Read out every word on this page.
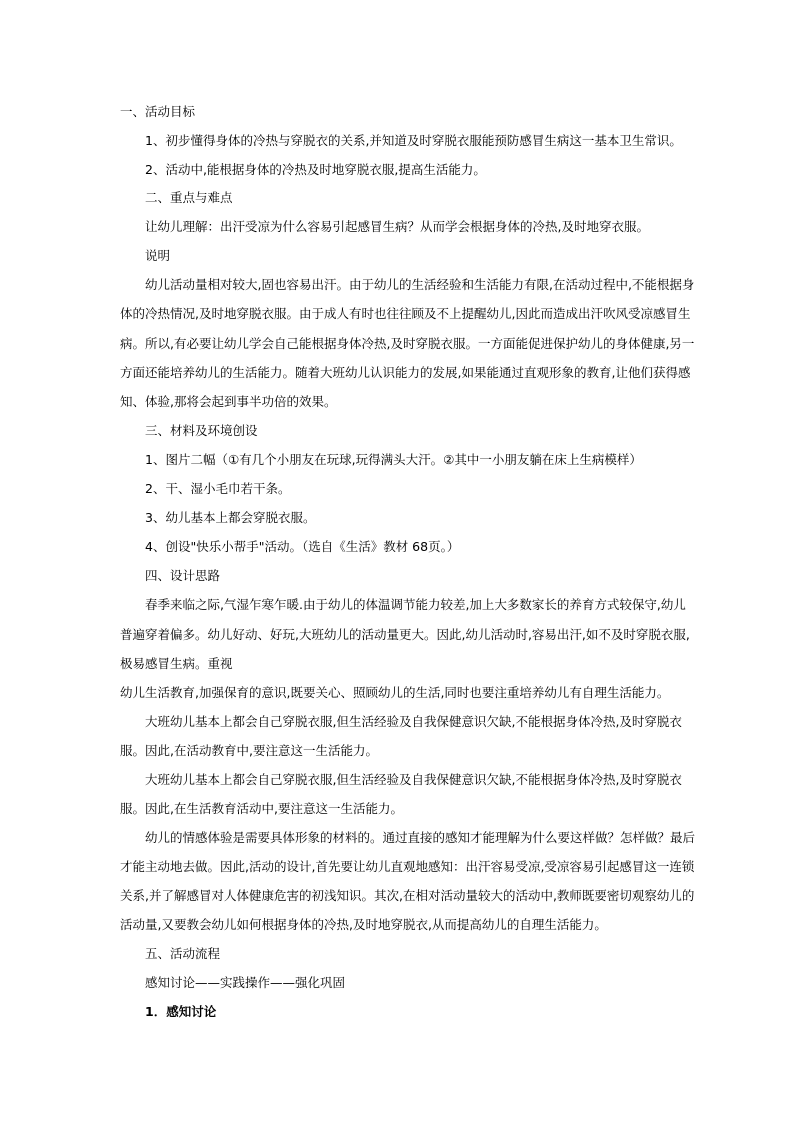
一、活动目标

1、初步懂得身体的冷热与穿脱衣的关系,并知道及时穿脱衣服能预防感冒生病这一基本卫生常识。

2、活动中,能根据身体的冷热及时地穿脱衣服,提高生活能力。

二、重点与难点

让幼儿理解：出汗受凉为什么容易引起感冒生病？从而学会根据身体的冷热,及时地穿衣服。

说明

幼儿活动量相对较大,固也容易出汗。由于幼儿的生活经验和生活能力有限,在活动过程中,不能根据身

体的冷热情况,及时地穿脱衣服。由于成人有时也往往顾及不上提醒幼儿,因此而造成出汗吹风受凉感冒生

病。所以,有必要让幼儿学会自己能根据身体冷热,及时穿脱衣服。一方面能促进保护幼儿的身体健康,另一

方面还能培养幼儿的生活能力。随着大班幼儿认识能力的发展,如果能通过直观形象的教育,让他们获得感

知、体验,那将会起到事半功倍的效果。

三、材料及环境创设

1、图片二幅（①有几个小朋友在玩球,玩得满头大汗。②其中一小朋友躺在床上生病模样）

2、干、湿小毛巾若干条。

3、幼儿基本上都会穿脱衣服。

4、创设"快乐小帮手"活动。（选自《生活》教材 68页。）

四、设计思路

春季来临之际,气湿乍寒乍暖.由于幼儿的体温调节能力较差,加上大多数家长的养育方式较保守,幼儿

普遍穿着偏多。幼儿好动、好玩,大班幼儿的活动量更大。因此,幼儿活动时,容易出汗,如不及时穿脱衣服,

极易感冒生病。重视

幼儿生活教育,加强保育的意识,既要关心、照顾幼儿的生活,同时也要注重培养幼儿有自理生活能力。

大班幼儿基本上都会自己穿脱衣服,但生活经验及自我保健意识欠缺,不能根据身体冷热,及时穿脱衣

服。因此,在活动教育中,要注意这一生活能力。

大班幼儿基本上都会自己穿脱衣服,但生活经验及自我保健意识欠缺,不能根据身体冷热,及时穿脱衣

服。因此,在生活教育活动中,要注意这一生活能力。

幼儿的情感体验是需要具体形象的材料的。通过直接的感知才能理解为什么要这样做？怎样做？最后

才能主动地去做。因此,活动的设计,首先要让幼儿直观地感知：出汗容易受凉,受凉容易引起感冒这一连锁

关系,并了解感冒对人体健康危害的初浅知识。其次,在相对活动量较大的活动中,教师既要密切观察幼儿的

活动量,又要教会幼儿如何根据身体的冷热,及时地穿脱衣,从而提高幼儿的自理生活能力。

五、活动流程

感知讨论——实践操作——强化巩固

1．感知讨论
